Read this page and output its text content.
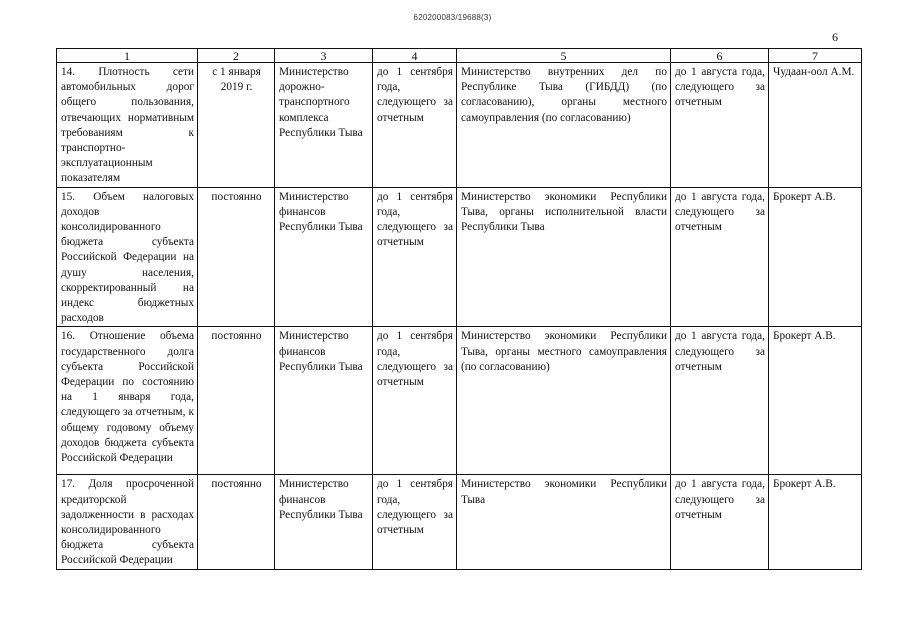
620200083/19688(3)
6
1	2	3	4	5	6	7
14. Плотность сети автомобильных дорог общего пользования, отвечающих нормативным требованиям к транспортно-эксплуатационным показателям	с 1 января 2019 г.	Министерство дорожно-транспортного комплекса Республики Тыва	до 1 сентября года, следующего за отчетным	Министерство внутренних дел по Республике Тыва (ГИБДД) (по согласованию), органы местного самоуправления (по согласованию)	до 1 августа года, следующего за отчетным	Чудаан-оол А.М.
15. Объем налоговых доходов консолидированного бюджета субъекта Российской Федерации на душу населения, скорректированный на индекс бюджетных расходов	постоянно	Министерство финансов Республики Тыва	до 1 сентября года, следующего за отчетным	Министерство экономики Республики Тыва, органы исполнительной власти Республики Тыва	до 1 августа года, следующего за отчетным	Брокерт А.В.
16. Отношение объема государственного долга субъекта Российской Федерации по состоянию на 1 января года, следующего за отчетным, к общему годовому объему доходов бюджета субъекта Российской Федерации	постоянно	Министерство финансов Республики Тыва	до 1 сентября года, следующего за отчетным	Министерство экономики Республики Тыва, органы местного самоуправления (по согласованию)	до 1 августа года, следующего за отчетным	Брокерт А.В.
17. Доля просроченной кредиторской задолженности в расходах консолидированного бюджета субъекта Российской Федерации	постоянно	Министерство финансов Республики Тыва	до 1 сентября года, следующего за отчетным	Министерство экономики Республики Тыва	до 1 августа года, следующего за отчетным	Брокерт А.В.
